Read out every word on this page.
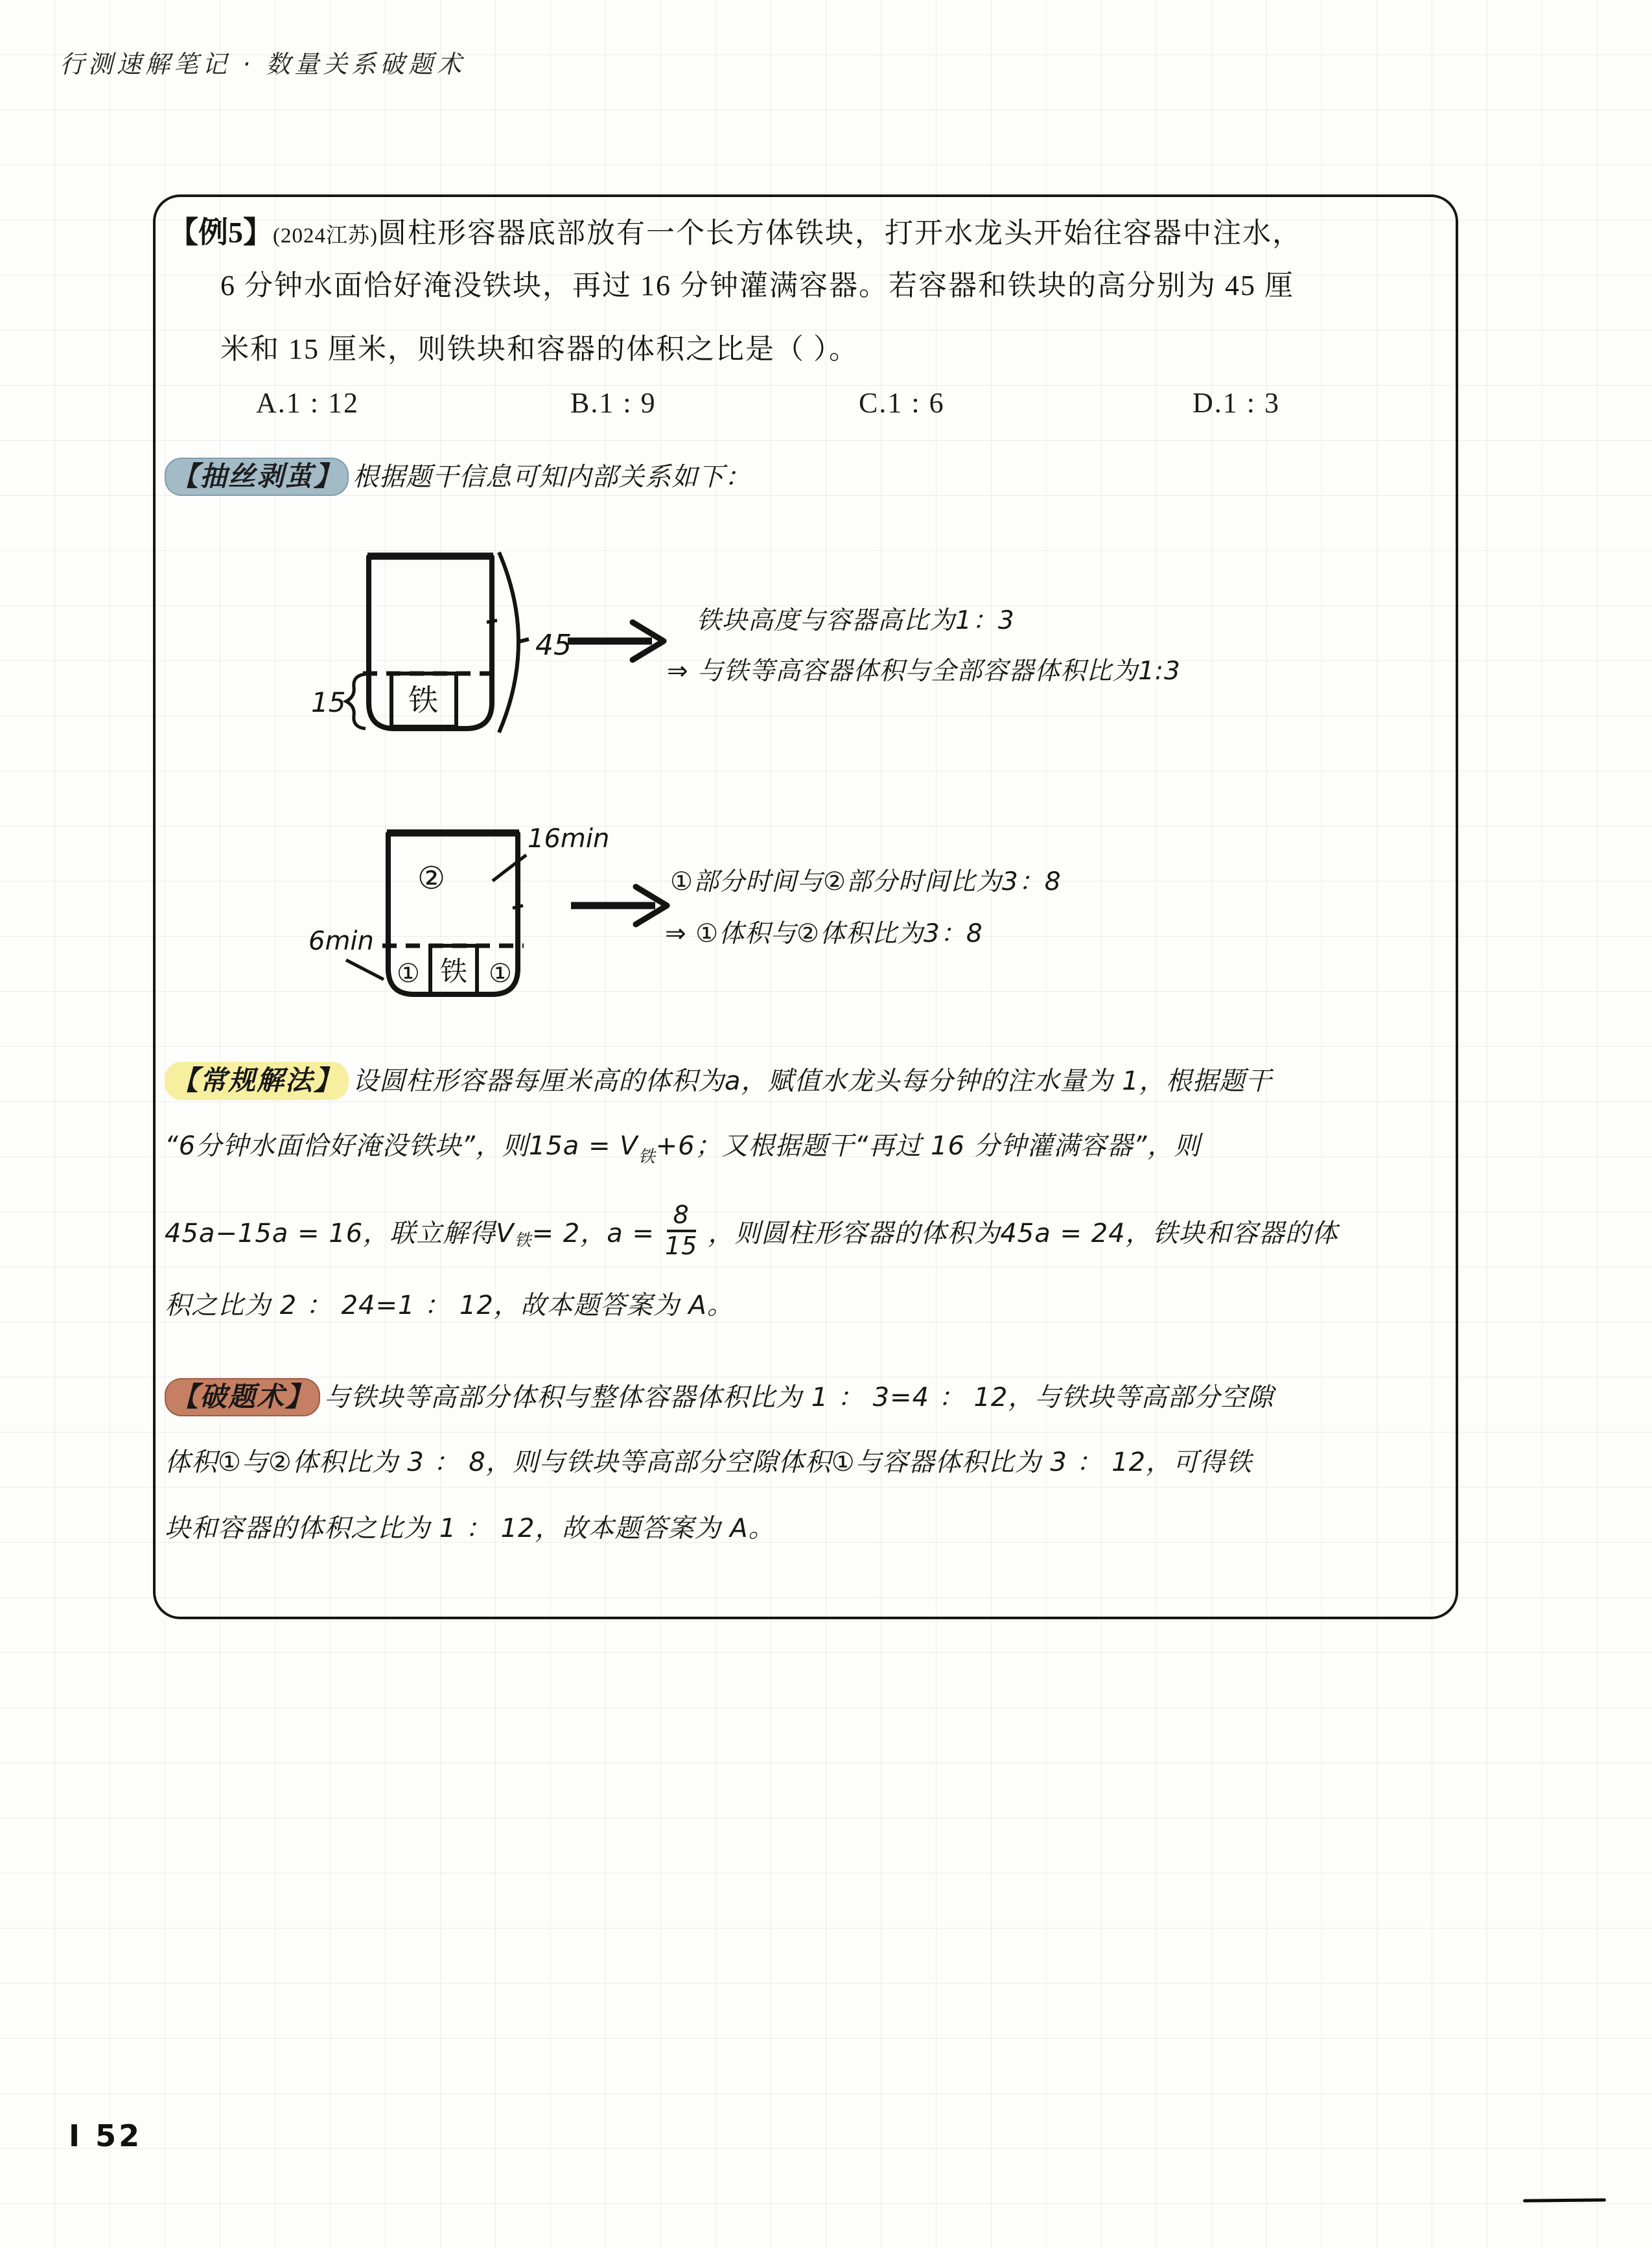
行测速解笔记 · 数量关系破题术
【例5】(2024江苏)圆柱形容器底部放有一个长方体铁块，打开水龙头开始往容器中注水，
6 分钟水面恰好淹没铁块，再过 16 分钟灌满容器。若容器和铁块的高分别为 45 厘
米和 15 厘米，则铁块和容器的体积之比是（ ）。
A.1 : 12	B.1 : 9	C.1 : 6	D.1 : 3
【抽丝剥茧】 根据题干信息可知内部关系如下：
铁
45
15
铁块高度与容器高比为1：3
⇒ 与铁等高容器体积与全部容器体积比为1:3
16min
②
铁
①	①
6min
①部分时间与②部分时间比为3：8
⇒ ①体积与②体积比为3：8
【常规解法】 设圆柱形容器每厘米高的体积为a，赋值水龙头每分钟的注水量为 1，根据题干
“6分钟水面恰好淹没铁块”，则$15a = V_铁+6$；又根据题干“再过 16 分钟灌满容器”，则
45a−15a = 16，联立解得V 铁 = 2，$a = \frac{8}{15}$ ，则圆柱形容器的体积为45a = 24，铁块和容器的体
积之比为 2 ： 24=1 ： 12，故本题答案为 A。
【破题术】 与铁块等高部分体积与整体容器体积比为 1 ： 3=4 ： 12，与铁块等高部分空隙
体积①与②体积比为 3 ： 8，则与铁块等高部分空隙体积①与容器体积比为 3 ： 12，可得铁
块和容器的体积之比为 1 ： 12，故本题答案为 A。
I 52
